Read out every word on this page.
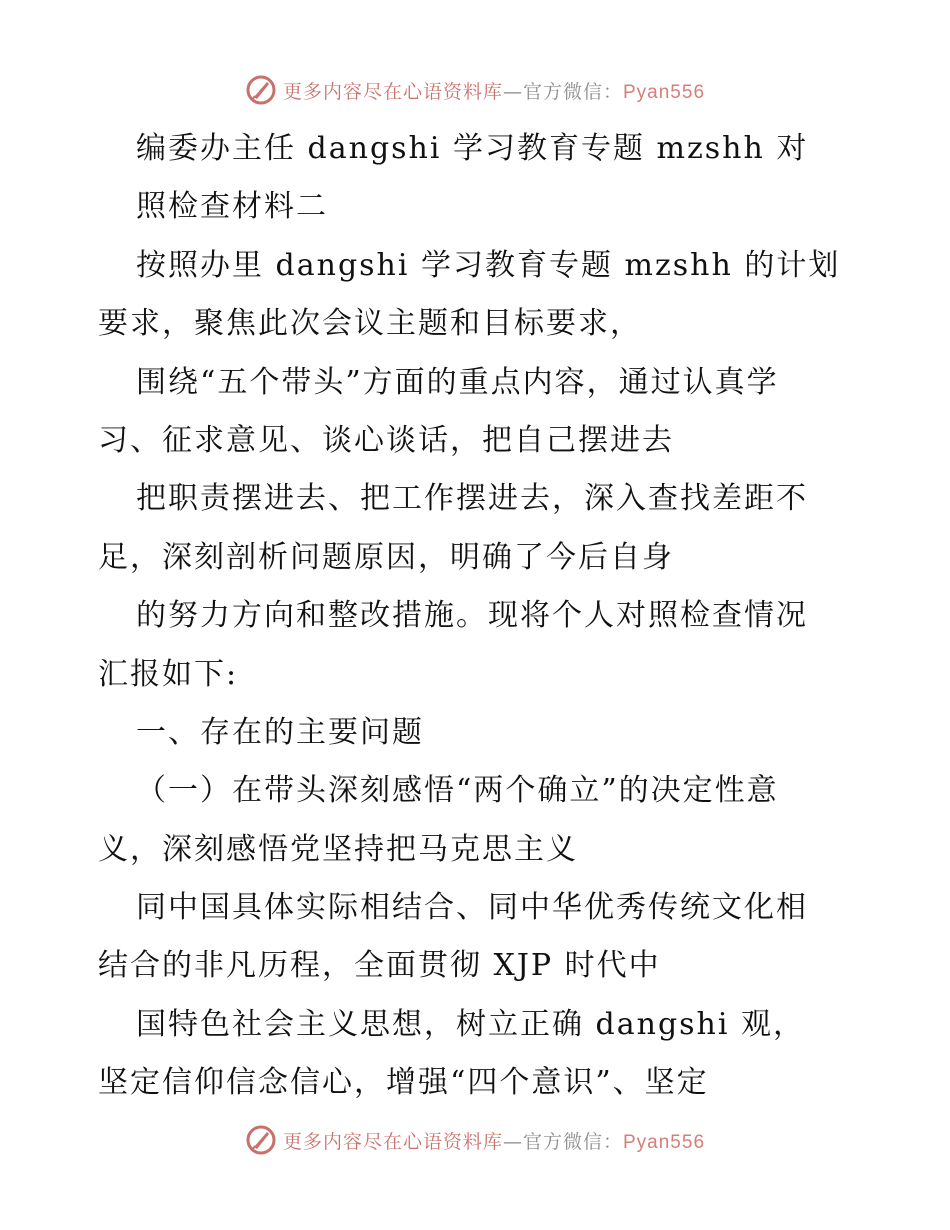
更多内容尽在心语资料库—官方微信：Pyan556
编委办主任 dangshi 学习教育专题 mzshh 对
照检查材料二
按照办里 dangshi 学习教育专题 mzshh 的计划
要求，聚焦此次会议主题和目标要求，
围绕“五个带头”方面的重点内容，通过认真学
习、征求意见、谈心谈话，把自己摆进去
把职责摆进去、把工作摆进去，深入查找差距不
足，深刻剖析问题原因，明确了今后自身
的努力方向和整改措施。现将个人对照检查情况
汇报如下:
一、存在的主要问题
（一）在带头深刻感悟“两个确立”的决定性意
义，深刻感悟党坚持把马克思主义
同中国具体实际相结合、同中华优秀传统文化相
结合的非凡历程，全面贯彻 XJP 时代中
国特色社会主义思想，树立正确 dangshi 观，
坚定信仰信念信心，增强“四个意识”、坚定
更多内容尽在心语资料库—官方微信：Pyan556
